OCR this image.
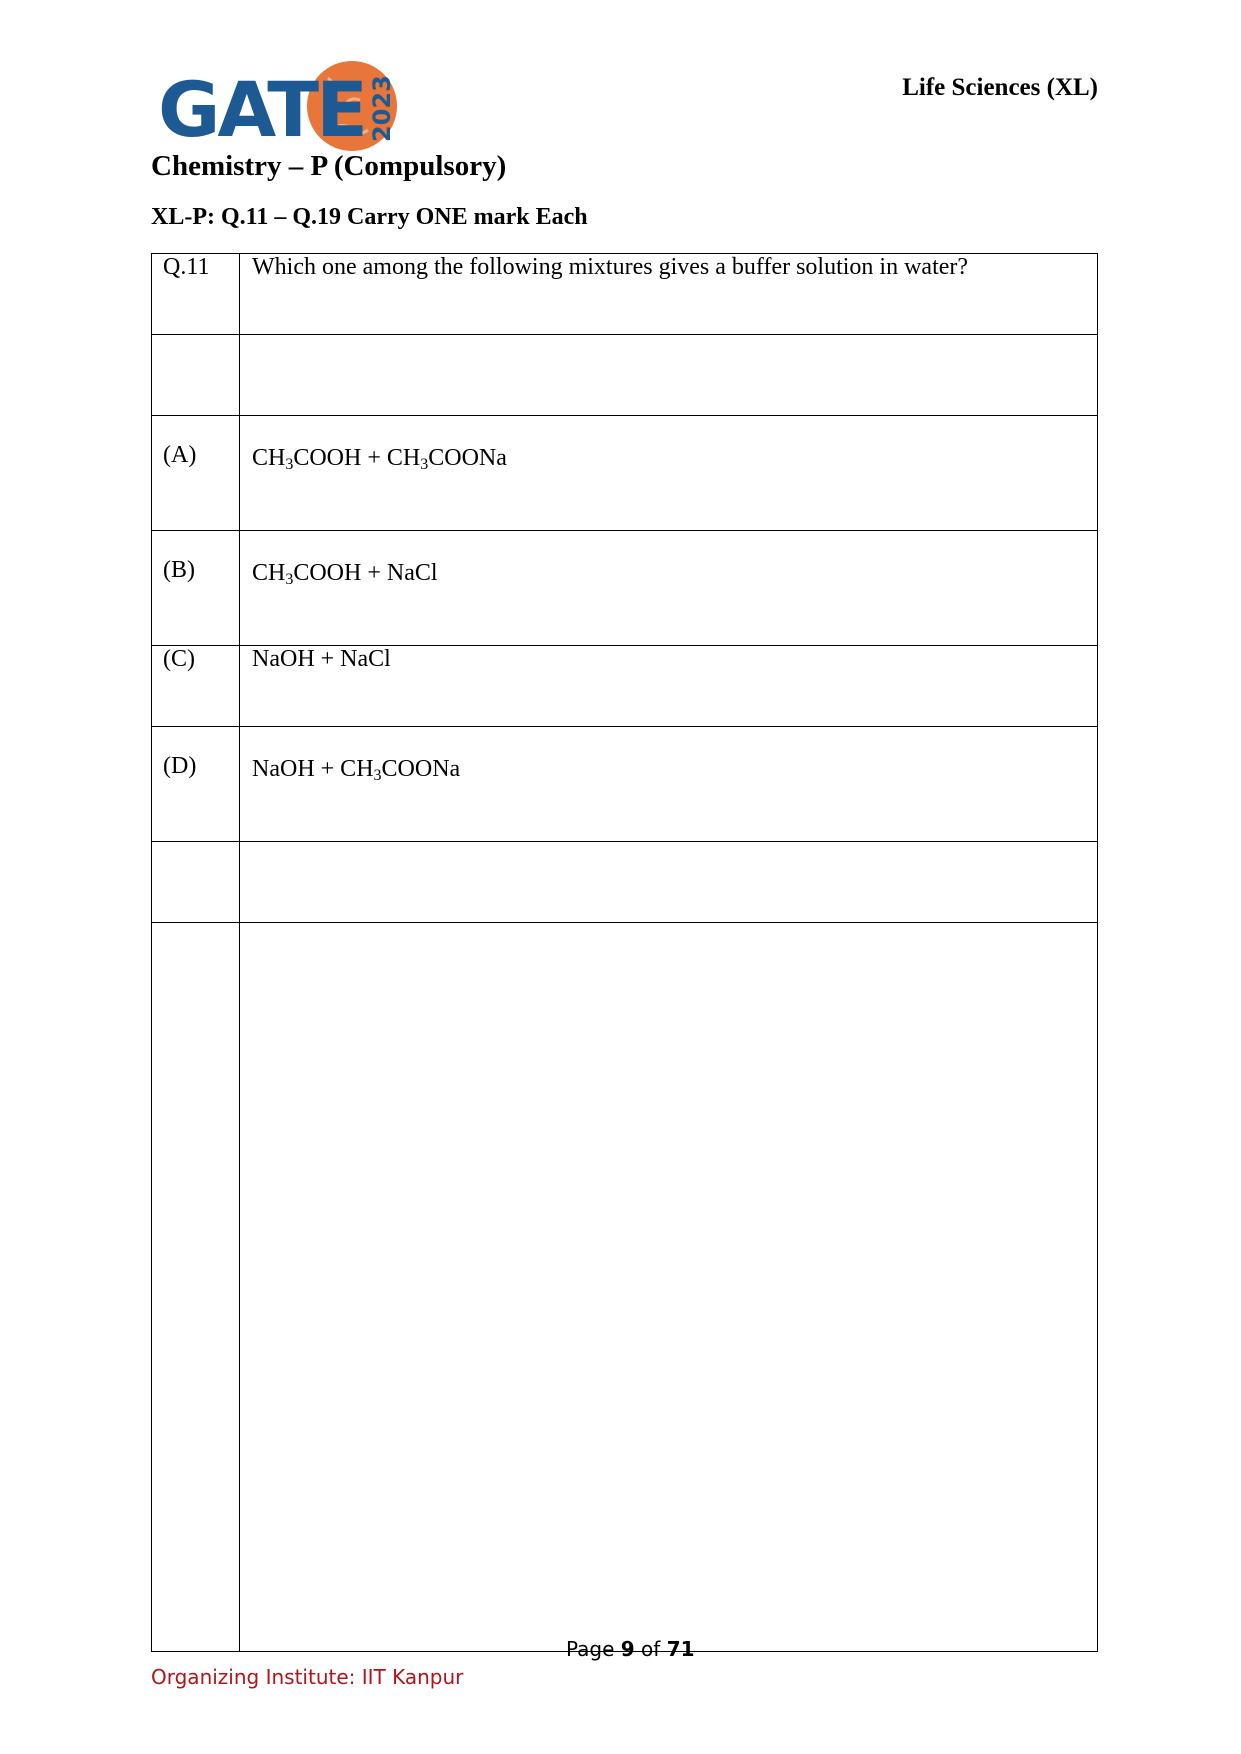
GATE 2023	Life Sciences (XL)
Chemistry – P (Compulsory)
XL-P: Q.11 – Q.19 Carry ONE mark Each
Q.11	Which one among the following mixtures gives a buffer solution in water?

(A)	$CH_3COOH$ + $CH_3COONa$
(B)	$CH_3COOH$ + NaCl
(C)	NaOH + NaCl
(D)	NaOH + $CH_3COONa$

Page 9 of 71
Organizing Institute: IIT Kanpur
